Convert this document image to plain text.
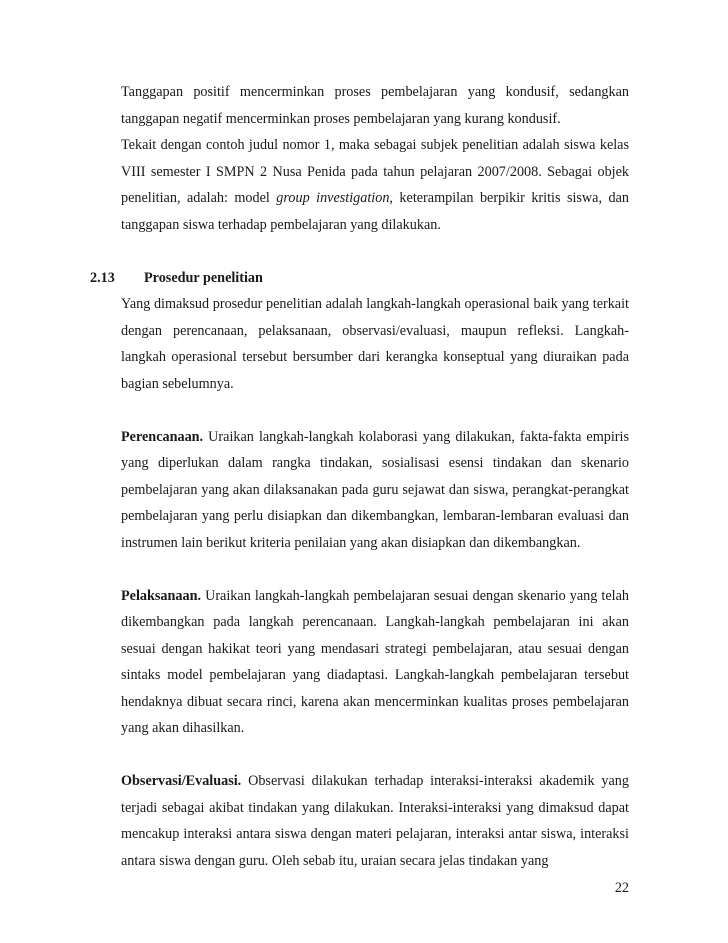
Tanggapan positif mencerminkan proses pembelajaran yang kondusif, sedangkan tanggapan negatif mencerminkan proses pembelajaran yang kurang kondusif.

Tekait dengan contoh judul nomor 1, maka sebagai subjek penelitian adalah siswa kelas VIII semester I SMPN 2 Nusa Penida pada tahun pelajaran 2007/2008. Sebagai objek penelitian, adalah: model group investigation, keterampilan berpikir kritis siswa, dan tanggapan siswa terhadap pembelajaran yang dilakukan.

2.13 Prosedur penelitian

Yang dimaksud prosedur penelitian adalah langkah-langkah operasional baik yang terkait dengan perencanaan, pelaksanaan, observasi/evaluasi, maupun refleksi. Langkah-langkah operasional tersebut bersumber dari kerangka konseptual yang diuraikan pada bagian sebelumnya.

Perencanaan. Uraikan langkah-langkah kolaborasi yang dilakukan, fakta-fakta empiris yang diperlukan dalam rangka tindakan, sosialisasi esensi tindakan dan skenario pembelajaran yang akan dilaksanakan pada guru sejawat dan siswa, perangkat-perangkat pembelajaran yang perlu disiapkan dan dikembangkan, lembaran-lembaran evaluasi dan instrumen lain berikut kriteria penilaian yang akan disiapkan dan dikembangkan.

Pelaksanaan. Uraikan langkah-langkah pembelajaran sesuai dengan skenario yang telah dikembangkan pada langkah perencanaan. Langkah-langkah pembelajaran ini akan sesuai dengan hakikat teori yang mendasari strategi pembelajaran, atau sesuai dengan sintaks model pembelajaran yang diadaptasi. Langkah-langkah pembelajaran tersebut hendaknya dibuat secara rinci, karena akan mencerminkan kualitas proses pembelajaran yang akan dihasilkan.

Observasi/Evaluasi. Observasi dilakukan terhadap interaksi-interaksi akademik yang terjadi sebagai akibat tindakan yang dilakukan. Interaksi-interaksi yang dimaksud dapat mencakup interaksi antara siswa dengan materi pelajaran, interaksi antar siswa, interaksi antara siswa dengan guru. Oleh sebab itu, uraian secara jelas tindakan yang

22
